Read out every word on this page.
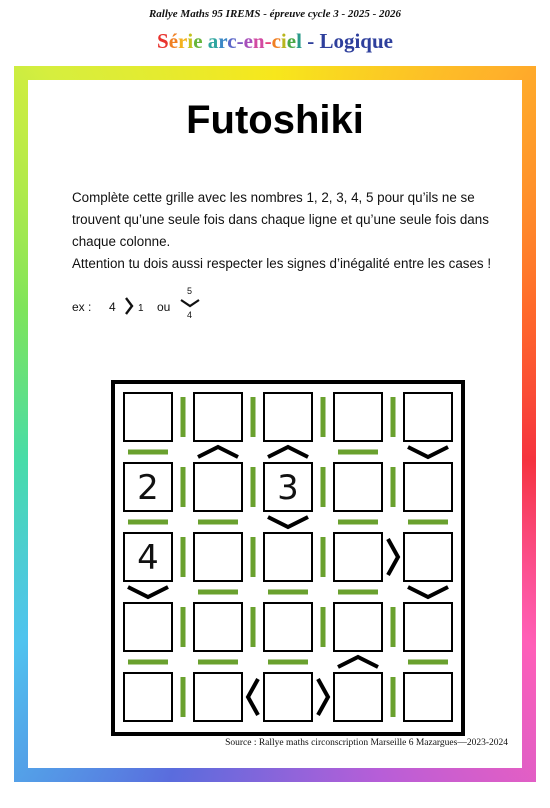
Rallye Maths 95 IREMS - épreuve cycle 3 - 2025 - 2026
Série arc-en-ciel - Logique
Futoshiki
Complète cette grille avec les nombres 1, 2, 3, 4, 5 pour qu’ils ne se
trouvent qu’une seule fois dans chaque ligne et qu’une seule fois dans
chaque colonne.
Attention tu dois aussi respecter les signes d’inégalité entre les cases !
ex : 4 1 ou
5
4
2	3
4
Source : Rallye maths circonscription Marseille 6 Mazargues—2023-2024
